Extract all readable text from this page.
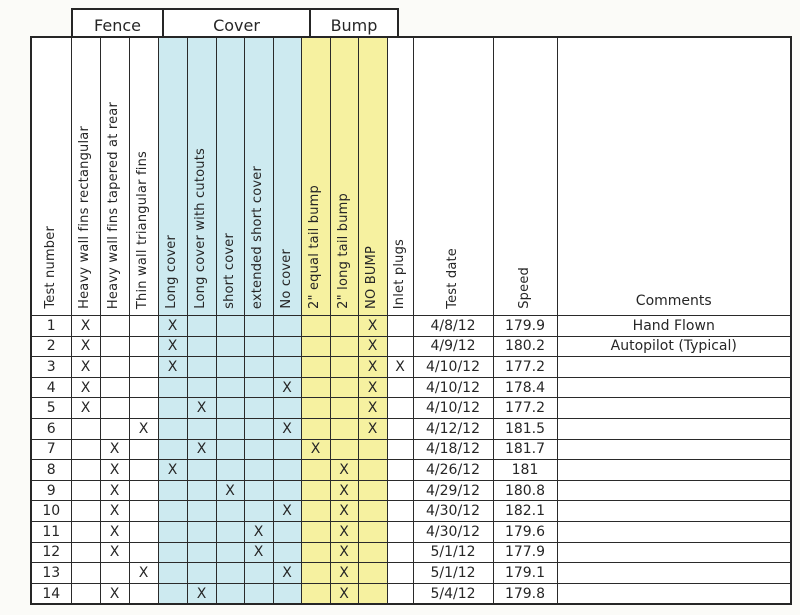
Fence	Cover	Bump
Test number	Heavy wall fins rectangular	Heavy wall fins tapered at rear	Thin wall triangular fins	Long cover	Long cover with cutouts	short cover	extended short cover	No cover	2" equal tail bump	2" long tail bump	NO BUMP	Inlet plugs	Test date	Speed	Comments

1	X			X							X		4/8/12	179.9	Hand Flown
2	X			X							X		4/9/12	180.2	Autopilot (Typical)
3	X			X							X	X	4/10/12	177.2	
4	X							X			X		4/10/12	178.4	
5	X				X						X		4/10/12	177.2	
6			X					X			X		4/12/12	181.5	
7		X			X				X				4/18/12	181.7	
8		X		X						X			4/26/12	181	
9		X				X				X			4/29/12	180.8	
10		X						X		X			4/30/12	182.1	
11		X					X			X			4/30/12	179.6	
12		X					X			X			5/1/12	177.9	
13			X					X		X			5/1/12	179.1	
14		X			X					X			5/4/12	179.8	
